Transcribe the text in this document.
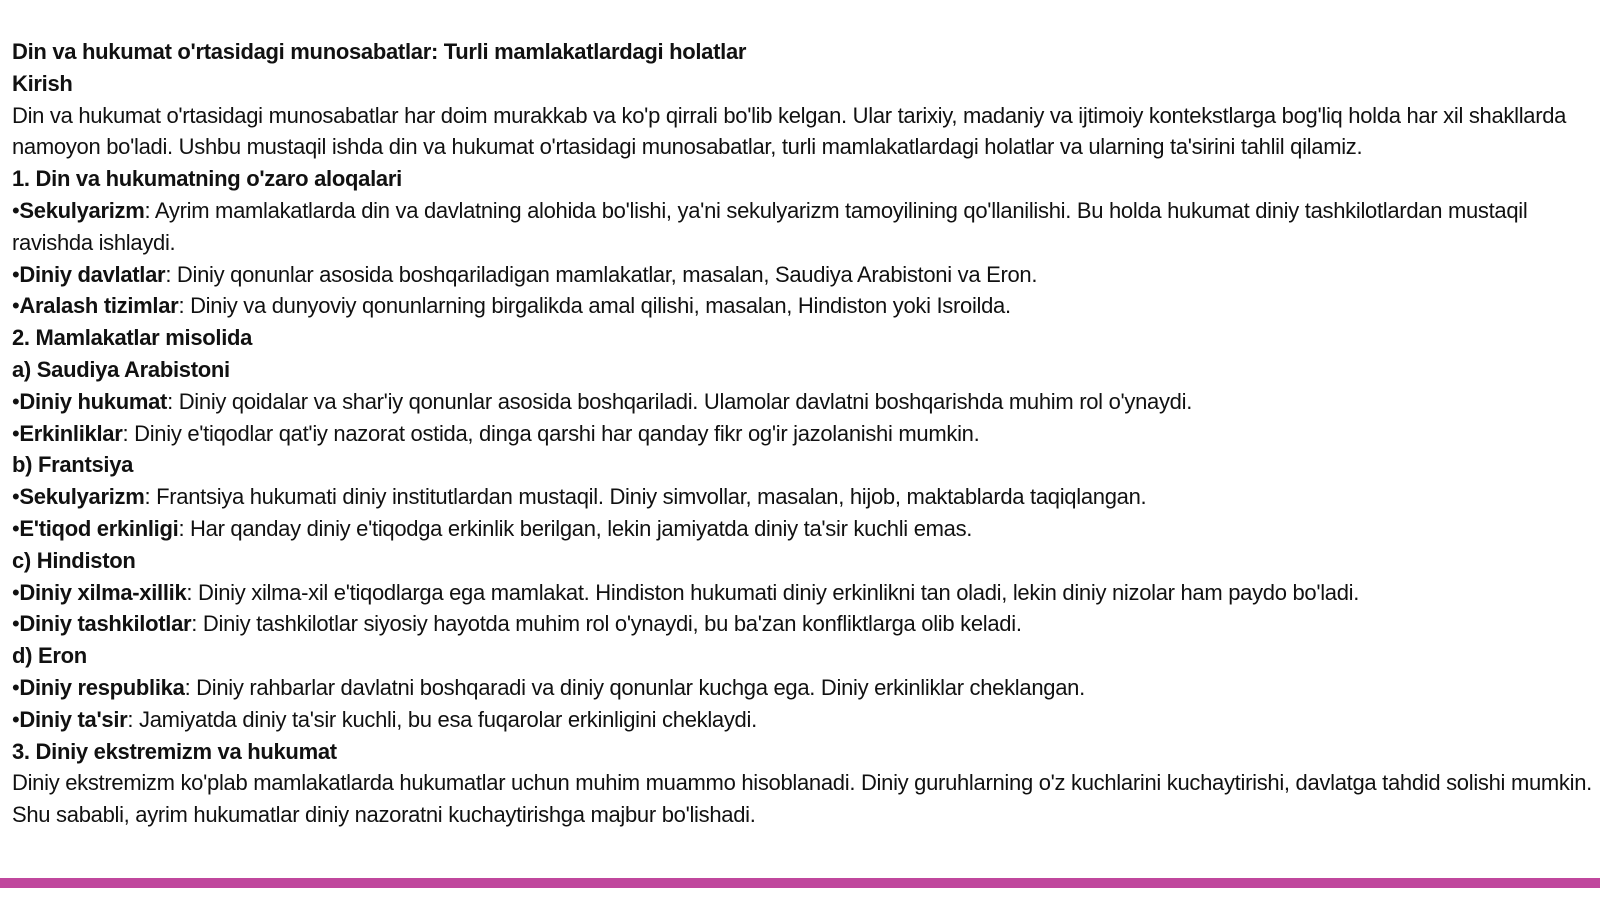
Din va hukumat o'rtasidagi munosabatlar: Turli mamlakatlardagi holatlar
Kirish
Din va hukumat o'rtasidagi munosabatlar har doim murakkab va ko'p qirrali bo'lib kelgan. Ular tarixiy, madaniy va ijtimoiy kontekstlarga bog'liq holda har xil shakllarda namoyon bo'ladi. Ushbu mustaqil ishda din va hukumat o'rtasidagi munosabatlar, turli mamlakatlardagi holatlar va ularning ta'sirini tahlil qilamiz.
1. Din va hukumatning o'zaro aloqalari
•Sekulyarizm: Ayrim mamlakatlarda din va davlatning alohida bo'lishi, ya'ni sekulyarizm tamoyilining qo'llanilishi. Bu holda hukumat diniy tashkilotlardan mustaqil ravishda ishlaydi.
•Diniy davlatlar: Diniy qonunlar asosida boshqariladigan mamlakatlar, masalan, Saudiya Arabistoni va Eron.
•Aralash tizimlar: Diniy va dunyoviy qonunlarning birgalikda amal qilishi, masalan, Hindiston yoki Isroilda.
2. Mamlakatlar misolida
a) Saudiya Arabistoni
•Diniy hukumat: Diniy qoidalar va shar'iy qonunlar asosida boshqariladi. Ulamolar davlatni boshqarishda muhim rol o'ynaydi.
•Erkinliklar: Diniy e'tiqodlar qat'iy nazorat ostida, dinga qarshi har qanday fikr og'ir jazolanishi mumkin.
b) Frantsiya
•Sekulyarizm: Frantsiya hukumati diniy institutlardan mustaqil. Diniy simvollar, masalan, hijob, maktablarda taqiqlangan.
•E'tiqod erkinligi: Har qanday diniy e'tiqodga erkinlik berilgan, lekin jamiyatda diniy ta'sir kuchli emas.
c) Hindiston
•Diniy xilma-xillik: Diniy xilma-xil e'tiqodlarga ega mamlakat. Hindiston hukumati diniy erkinlikni tan oladi, lekin diniy nizolar ham paydo bo'ladi.
•Diniy tashkilotlar: Diniy tashkilotlar siyosiy hayotda muhim rol o'ynaydi, bu ba'zan konfliktlarga olib keladi.
d) Eron
•Diniy respublika: Diniy rahbarlar davlatni boshqaradi va diniy qonunlar kuchga ega. Diniy erkinliklar cheklangan.
•Diniy ta'sir: Jamiyatda diniy ta'sir kuchli, bu esa fuqarolar erkinligini cheklaydi.
3. Diniy ekstremizm va hukumat
Diniy ekstremizm ko'plab mamlakatlarda hukumatlar uchun muhim muammo hisoblanadi. Diniy guruhlarning o'z kuchlarini kuchaytirishi, davlatga tahdid solishi mumkin. Shu sababli, ayrim hukumatlar diniy nazoratni kuchaytirishga majbur bo'lishadi.
